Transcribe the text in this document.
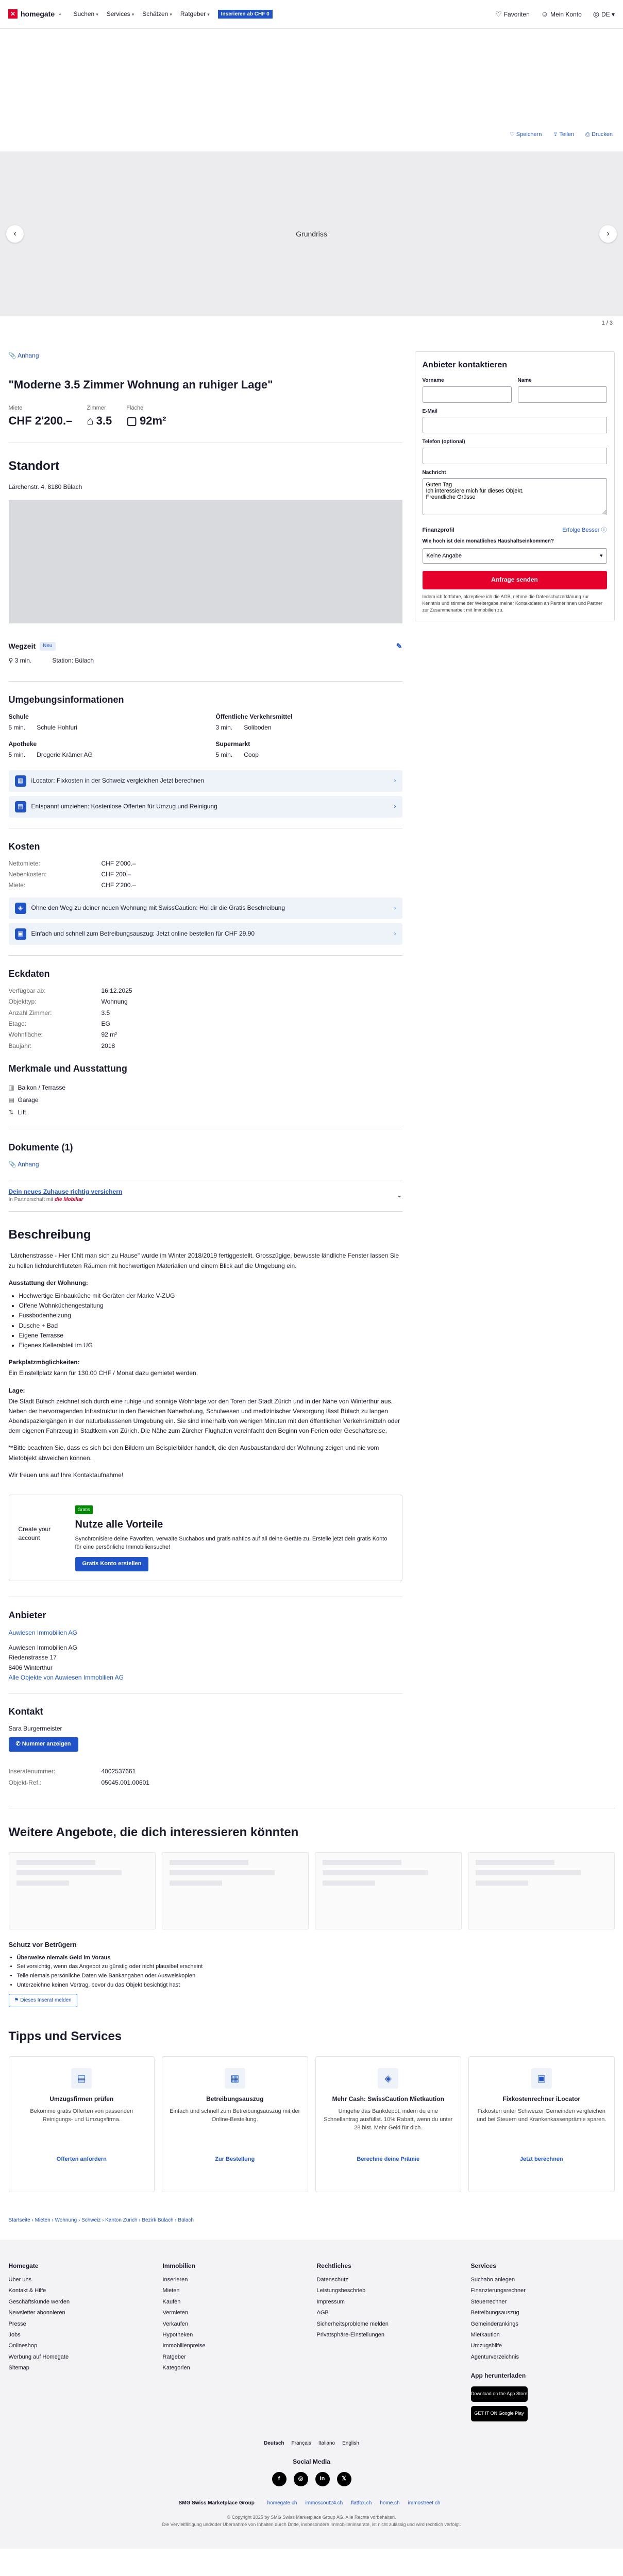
✕ homegate ⌄ Suchen ▾ Services ▾ Schätzen ▾ Ratgeber ▾	Inserieren ab CHF 0	♡ Favoriten ☺ Mein Konto ◎ DE ▾
♡ Speichern ⇪ Teilen ⎙ Drucken
‹	Grundriss	›
1 / 3
📎 Anhang
"Moderne 3.5 Zimmer Wohnung an ruhiger Lage"
Miete
CHF 2'200.–
Zimmer
⌂ 3.5
Fläche
▢ 92m²
Standort
Lärchenstr. 4, 8180 Bülach
Wegzeit	Neu	✎
⚲ 3 min.	Station: Bülach
Umgebungsinformationen
Schule
5 min. Schule Hohfuri
Öffentliche Verkehrsmittel
3 min. Soliboden
Apotheke
5 min. Drogerie Krämer AG
Supermarkt
5 min. Coop
▦	iLocator: Fixkosten in der Schweiz vergleichen Jetzt berechnen	›
▤	Entspannt umziehen: Kostenlose Offerten für Umzug und Reinigung	›
Kosten
Nettomiete:	CHF 2'000.–
Nebenkosten:	CHF 200.–
Miete:	CHF 2'200.–
◈	Ohne den Weg zu deiner neuen Wohnung mit SwissCaution: Hol dir die Gratis Beschreibung	›
▣	Einfach und schnell zum Betreibungsauszug: Jetzt online bestellen für CHF 29.90	›
Eckdaten
Verfügbar ab:	16.12.2025
Objekttyp:	Wohnung
Anzahl Zimmer:	3.5
Etage:	EG
Wohnfläche:	92 m²
Baujahr:	2018
Merkmale und Ausstattung
▥ Balkon / Terrasse
▤ Garage
⇅ Lift
Dokumente (1)
📎 Anhang
Dein neues Zuhause richtig versichern
In Partnerschaft mit die Mobiliar
⌄
Beschreibung

"Lärchenstrasse - Hier fühlt man sich zu Hause" wurde im Winter 2018/2019 fertiggestellt. Grosszügige, bewusste ländliche Fenster lassen Sie zu hellen lichtdurchfluteten Räumen mit hochwertigen Materialien und einem Blick auf die Umgebung ein.

Ausstattung der Wohnung:

• Hochwertige Einbauküche mit Geräten der Marke V-ZUG
• Offene Wohnküchengestaltung
• Fussbodenheizung
• Dusche + Bad
• Eigene Terrasse
• Eigenes Kellerabteil im UG

Parkplatzmöglichkeiten:

Ein Einstellplatz kann für 130.00 CHF / Monat dazu gemietet werden.

Lage:

Die Stadt Bülach zeichnet sich durch eine ruhige und sonnige Wohnlage vor den Toren der Stadt Zürich und in der Nähe von Winterthur aus. Neben der hervorragenden Infrastruktur in den Bereichen Naherholung, Schulwesen und medizinischer Versorgung lässt Bülach zu langen Abendspaziergängen in der naturbelassenen Umgebung ein. Sie sind innerhalb von wenigen Minuten mit den öffentlichen Verkehrsmitteln oder dem eigenen Fahrzeug in Stadtkern von Zürich. Die Nähe zum Zürcher Flughafen vereinfacht den Beginn von Ferien oder Geschäftsreise.

**Bitte beachten Sie, dass es sich bei den Bildern um Beispielbilder handelt, die den Ausbaustandard der Wohnung zeigen und nie vom Mietobjekt abweichen können.

Wir freuen uns auf Ihre Kontaktaufnahme!

Create your account
Gratis
Nutze alle Vorteile

Synchronisiere deine Favoriten, verwalte Suchabos und gratis nahtlos auf all deine Geräte zu. Erstelle jetzt dein gratis Konto für eine persönliche Immobiliensuche!

Gratis Konto erstellen
Anbieter
Auwiesen Immobilien AG
Auwiesen Immobilien AG
Riedenstrasse 17
8406 Winterthur
Alle Objekte von Auwiesen Immobilien AG
Kontakt
Sara Burgermeister
✆ Nummer anzeigen
Inseratenummer:	4002537661
Objekt-Ref.:	05045.001.00601
Anbieter kontaktieren
Vorname	Name
E-Mail
Telefon (optional)
Nachricht
Guten Tag Ich interessiere mich für dieses Objekt. Freundliche Grüsse
Finanzprofil	Erfolge Besser ⓘ
Wie hoch ist dein monatliches Haushaltseinkommen?
Keine Angabe	▾
Anfrage senden

Indem ich fortfahre, akzeptiere ich die AGB, nehme die Datenschutzerklärung zur Kenntnis und stimme der Weitergabe meiner Kontaktdaten an Partnerinnen und Partner zur Zusammenarbeit mit Immobilien zu.

Weitere Angebote, die dich interessieren könnten
Schutz vor Betrügern
• Überweise niemals Geld im Voraus
• Sei vorsichtig, wenn das Angebot zu günstig oder nicht plausibel erscheint
• Teile niemals persönliche Daten wie Bankangaben oder Ausweiskopien
• Unterzeichne keinen Vertrag, bevor du das Objekt besichtigt hast
⚑ Dieses Inserat melden
Tipps und Services
▤
Umzugsfirmen prüfen

Bekomme gratis Offerten von passenden Reinigungs- und Umzugsfirma.

Offerten anfordern
▦
Betreibungsauszug

Einfach und schnell zum Betreibungsauszug mit der Online-Bestellung.

Zur Bestellung
◈
Mehr Cash: SwissCaution Mietkaution

Umgehe das Bankdepot, indem du eine Schnellantrag ausfüllst. 10% Rabatt, wenn du unter 28 bist. Mehr Geld für dich.

Berechne deine Prämie
▣
Fixkostenrechner iLocator

Fixkosten unter Schweizer Gemeinden vergleichen und bei Steuern und Krankenkassenprämie sparen.

Jetzt berechnen
Startseite › Mieten › Wohnung › Schweiz › Kanton Zürich › Bezirk Bülach › Bülach
Homegate
Über uns
Kontakt & Hilfe
Geschäftskunde werden
Newsletter abonnieren
Presse
Jobs
Onlineshop
Werbung auf Homegate
Sitemap
Immobilien
Inserieren
Mieten
Kaufen
Vermieten
Verkaufen
Hypotheken
Immobilienpreise
Ratgeber
Kategorien
Rechtliches
Datenschutz
Leistungsbeschrieb
Impressum
AGB
Sicherheitsprobleme melden
Privatsphäre-Einstellungen
Services
Suchabo anlegen
Finanzierungsrechner
Steuerrechner
Betreibungsauszug
Gemeinderankings
Mietkaution
Umzugshilfe
Agenturverzeichnis
App herunterladen
Download on the App Store
GET IT ON Google Play
Deutsch Français Italiano English
Social Media
f	◎	in	𝕏
SMG Swiss Marketplace Group homegate.ch immoscout24.ch flatfox.ch home.ch immostreet.ch
© Copyright 2025 by SMG Swiss Marketplace Group AG. Alle Rechte vorbehalten.
Die Vervielfältigung und/oder Übernahme von Inhalten durch Dritte, insbesondere Immobilieninserate, ist nicht zulässig und wird rechtlich verfolgt.
